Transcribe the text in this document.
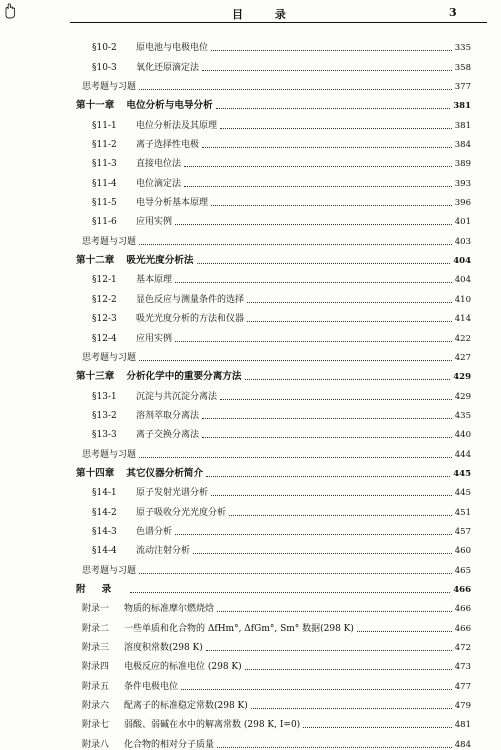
目 录	3
§10-2 原电池与电极电位	335
§10-3 氧化还原滴定法	358
思考题与习题	377
第十一章 电位分析与电导分析	381
§11-1 电位分析法及其原理	381
§11-2 离子选择性电极	384
§11-3 直接电位法	389
§11-4 电位滴定法	393
§11-5 电导分析基本原理	396
§11-6 应用实例	401
思考题与习题	403
第十二章 吸光光度分析法	404
§12-1 基本原理	404
§12-2 显色反应与测量条件的选择	410
§12-3 吸光光度分析的方法和仪器	414
§12-4 应用实例	422
思考题与习题	427
第十三章 分析化学中的重要分离方法	429
§13-1 沉淀与共沉淀分离法	429
§13-2 溶剂萃取分离法	435
§13-3 离子交换分离法	440
思考题与习题	444
第十四章 其它仪器分析简介	445
§14-1 原子发射光谱分析	445
§14-2 原子吸收分光光度分析	451
§14-3 色谱分析	457
§14-4 流动注射分析	460
思考题与习题	465
附录	466
附录一 物质的标准摩尔燃烧焓	466
附录二 一些单质和化合物的 ΔfHm°, ΔfGm°, Sm° 数据(298 K)	466
附录三 溶度积常数(298 K)	472
附录四 电极反应的标准电位 (298 K)	473
附录五 条件电极电位	477
附录六 配离子的标准稳定常数(298 K)	479
附录七 弱酸、弱碱在水中的解离常数 (298 K, I=0)	481
附录八 化合物的相对分子质量	484
